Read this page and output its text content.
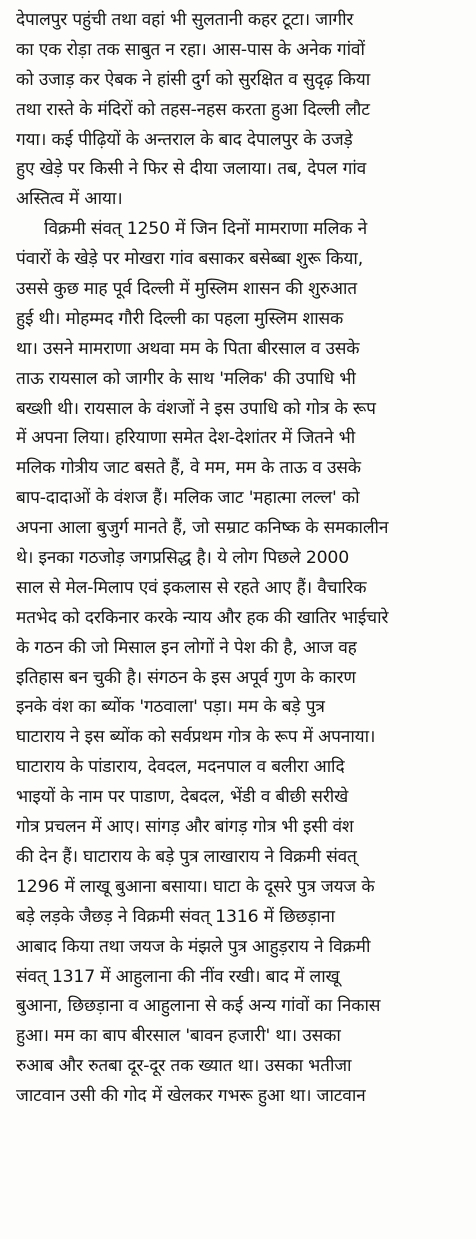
देपालपुर पहुंची तथा वहां भी सुलतानी कहर टूटा। जागीर
का एक रोड़ा तक साबुत न रहा। आस-पास के अनेक गांवों
को उजाड़ कर ऐबक ने हांसी दुर्ग को सुरक्षित व सुदृढ़ किया
तथा रास्ते के मंदिरों को तहस-नहस करता हुआ दिल्ली लौट
गया। कई पीढ़ियों के अन्तराल के बाद देपालपुर के उजड़े
हुए खेड़े पर किसी ने फिर से दीया जलाया। तब, देपल गांव
अस्तित्व में आया।
विक्रमी संवत् 1250 में जिन दिनों मामराणा मलिक ने
पंवारों के खेड़े पर मोखरा गांव बसाकर बसेब्बा शुरू किया,
उससे कुछ माह पूर्व दिल्ली में मुस्लिम शासन की शुरुआत
हुई थी। मोहम्मद गौरी दिल्ली का पहला मुस्लिम शासक
था। उसने मामराणा अथवा मम के पिता बीरसाल व उसके
ताऊ रायसाल को जागीर के साथ 'मलिक' की उपाधि भी
बख्शी थी। रायसाल के वंशजों ने इस उपाधि को गोत्र के रूप
में अपना लिया। हरियाणा समेत देश-देशांतर में जितने भी
मलिक गोत्रीय जाट बसते हैं, वे मम, मम के ताऊ व उसके
बाप-दादाओं के वंशज हैं। मलिक जाट 'महात्मा लल्ल' को
अपना आला बुजुर्ग मानते हैं, जो सम्राट कनिष्क के समकालीन
थे। इनका गठजोड़ जगप्रसिद्ध है। ये लोग पिछले 2000
साल से मेल-मिलाप एवं इकलास से रहते आए हैं। वैचारिक
मतभेद को दरकिनार करके न्याय और हक की खातिर भाईचारे
के गठन की जो मिसाल इन लोगों ने पेश की है, आज वह
इतिहास बन चुकी है। संगठन के इस अपूर्व गुण के कारण
इनके वंश का ब्योंक 'गठवाला' पड़ा। मम के बड़े पुत्र
घाटाराय ने इस ब्योंक को सर्वप्रथम गोत्र के रूप में अपनाया।
घाटाराय के पांडाराय, देवदल, मदनपाल व बलीरा आदि
भाइयों के नाम पर पाडाण, देबदल, भेंडी व बीछी सरीखे
गोत्र प्रचलन में आए। सांगड़ और बांगड़ गोत्र भी इसी वंश
की देन हैं। घाटाराय के बड़े पुत्र लाखाराय ने विक्रमी संवत्
1296 में लाखू बुआना बसाया। घाटा के दूसरे पुत्र जयज के
बड़े लड़के जैछड़ ने विक्रमी संवत् 1316 में छिछड़ाना
आबाद किया तथा जयज के मंझले पुत्र आहुड़राय ने विक्रमी
संवत् 1317 में आहुलाना की नींव रखी। बाद में लाखू
बुआना, छिछड़ाना व आहुलाना से कई अन्य गांवों का निकास
हुआ। मम का बाप बीरसाल 'बावन हजारी' था। उसका
रुआब और रुतबा दूर-दूर तक ख्यात था। उसका भतीजा
जाटवान उसी की गोद में खेलकर गभरू हुआ था। जाटवान
